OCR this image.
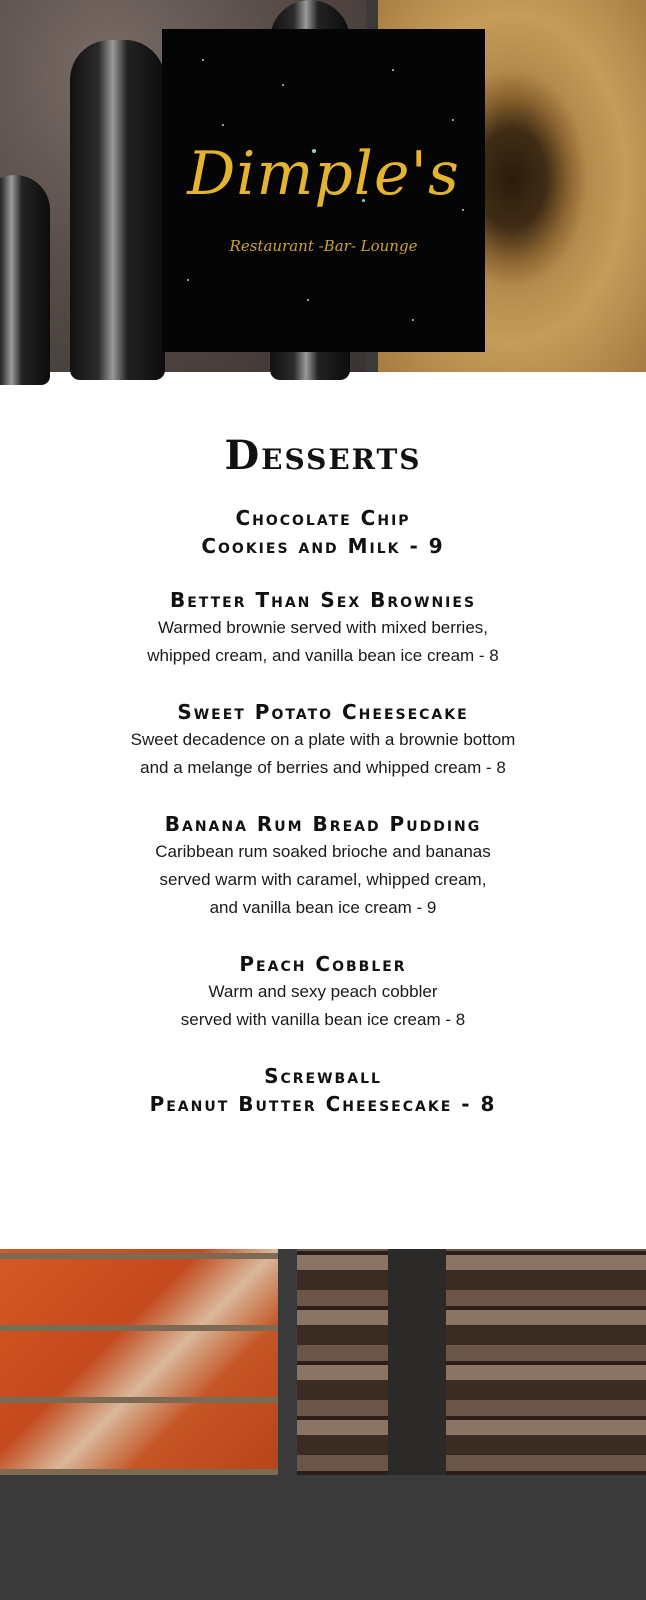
Dimple's
Restaurant -Bar- Lounge
Desserts
Chocolate Chip
Cookies and Milk - 9
Better Than Sex Brownies
Warmed brownie served with mixed berries,
whipped cream, and vanilla bean ice cream - 8
Sweet Potato Cheesecake
Sweet decadence on a plate with a brownie bottom
and a melange of berries and whipped cream - 8
Banana Rum Bread Pudding
Caribbean rum soaked brioche and bananas
served warm with caramel, whipped cream,
and vanilla bean ice cream - 9
Peach Cobbler
Warm and sexy peach cobbler
served with vanilla bean ice cream - 8
Screwball
Peanut Butter Cheesecake - 8
